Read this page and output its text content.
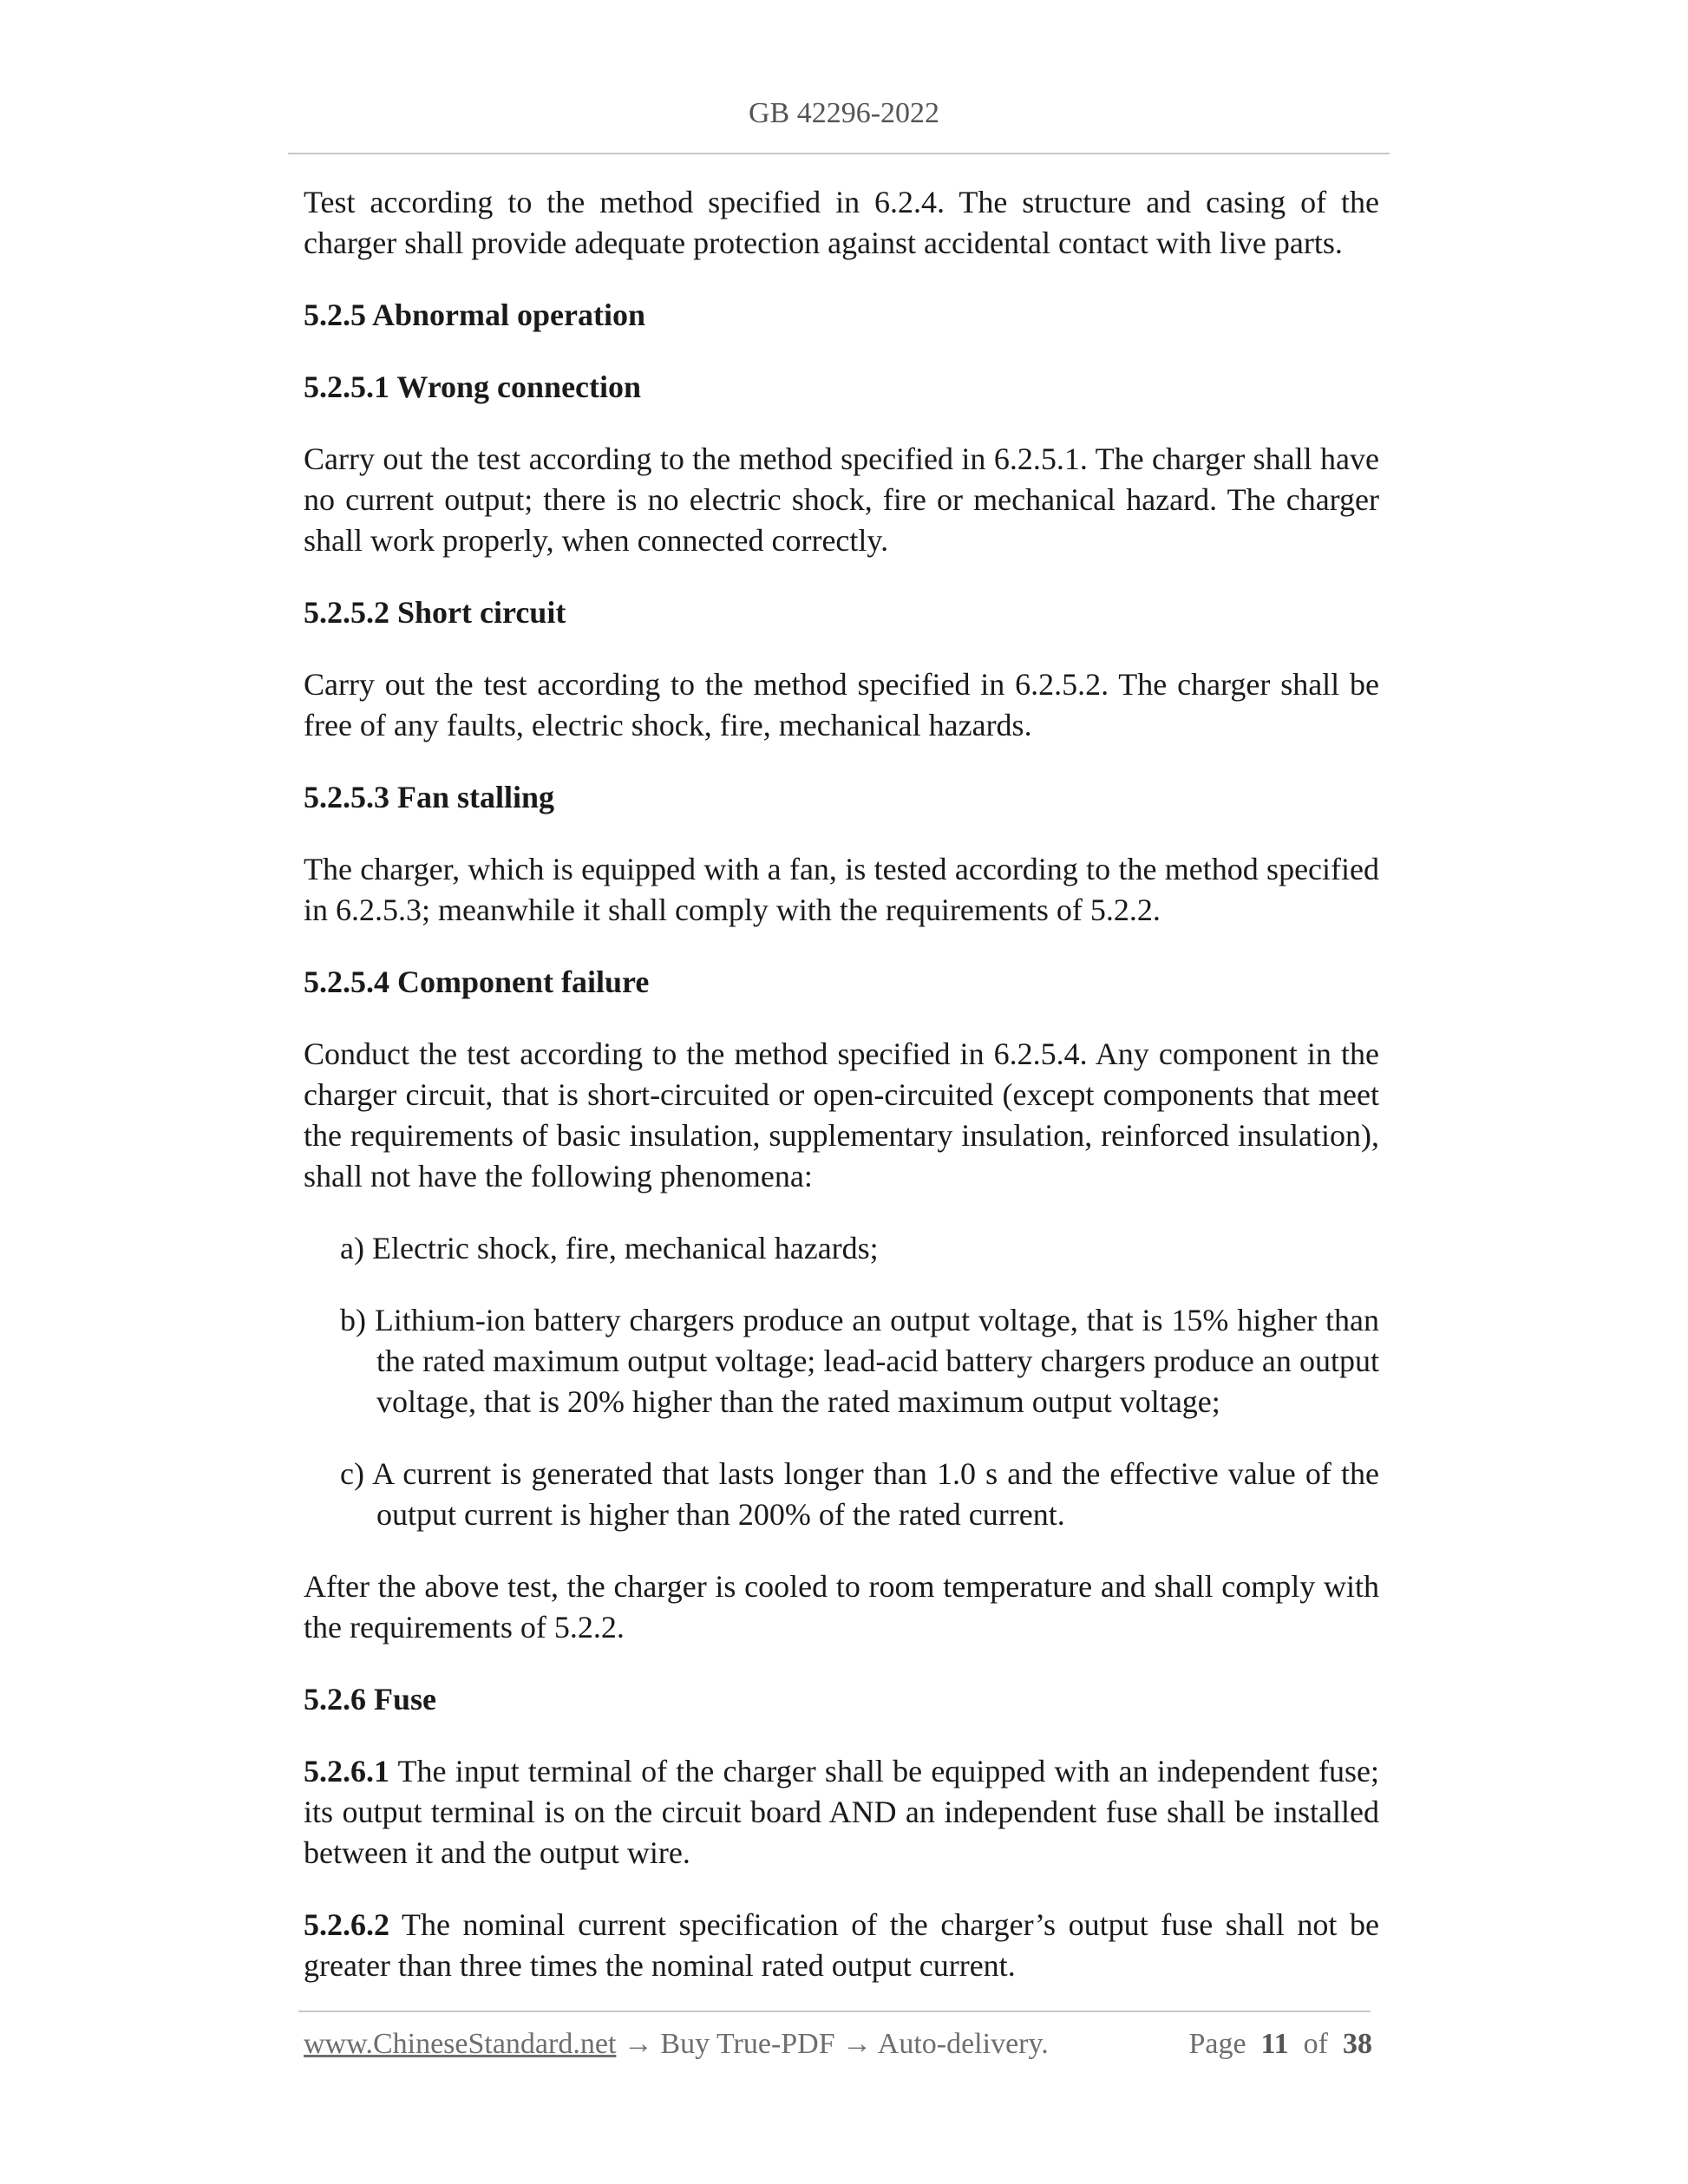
GB 42296-2022

Test according to the method specified in 6.2.4. The structure and casing of the charger shall provide adequate protection against accidental contact with live parts.

5.2.5 Abnormal operation

5.2.5.1 Wrong connection

Carry out the test according to the method specified in 6.2.5.1. The charger shall have no current output; there is no electric shock, fire or mechanical hazard. The charger shall work properly, when connected correctly.

5.2.5.2 Short circuit

Carry out the test according to the method specified in 6.2.5.2. The charger shall be free of any faults, electric shock, fire, mechanical hazards.

5.2.5.3 Fan stalling

The charger, which is equipped with a fan, is tested according to the method specified in 6.2.5.3; meanwhile it shall comply with the requirements of 5.2.2.

5.2.5.4 Component failure

Conduct the test according to the method specified in 6.2.5.4. Any component in the charger circuit, that is short-circuited or open-circuited (except components that meet the requirements of basic insulation, supplementary insulation, reinforced insulation), shall not have the following phenomena:

a) Electric shock, fire, mechanical hazards;

b) Lithium-ion battery chargers produce an output voltage, that is 15% higher than the rated maximum output voltage; lead-acid battery chargers produce an output voltage, that is 20% higher than the rated maximum output voltage;

c) A current is generated that lasts longer than 1.0 s and the effective value of the output current is higher than 200% of the rated current.

After the above test, the charger is cooled to room temperature and shall comply with the requirements of 5.2.2.

5.2.6 Fuse

5.2.6.1 The input terminal of the charger shall be equipped with an independent fuse; its output terminal is on the circuit board AND an independent fuse shall be installed between it and the output wire.

5.2.6.2 The nominal current specification of the charger’s output fuse shall not be greater than three times the nominal rated output current.

www.ChineseStandard.net → Buy True-PDF → Auto-delivery.	Page 11 of 38
